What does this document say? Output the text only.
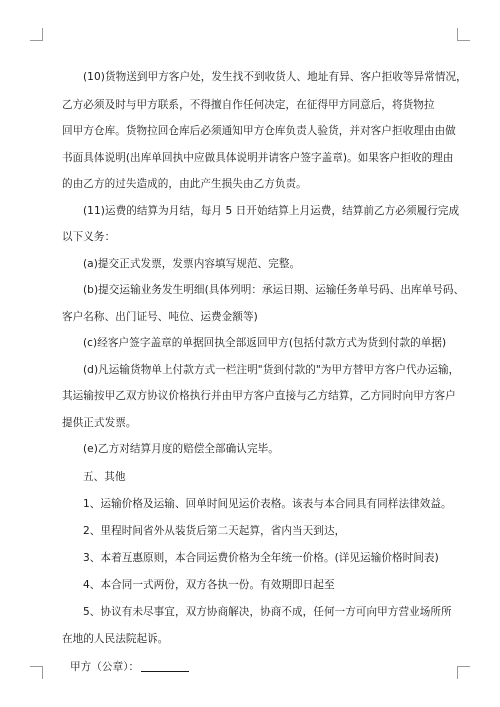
(10)货物送到甲方客户处，发生找不到收货人、地址有异、客户拒收等异常情况，
乙方必须及时与甲方联系，不得擅自作任何决定，在征得甲方同意后，将货物拉
回甲方仓库。货物拉回仓库后必须通知甲方仓库负责人验货，并对客户拒收理由由做
书面具体说明(出库单回执中应做具体说明并请客户签字盖章)。如果客户拒收的理由
的由乙方的过失造成的，由此产生损失由乙方负责。
(11)运费的结算为月结，每月 5 日开始结算上月运费，结算前乙方必须履行完成
以下义务：
(a)提交正式发票，发票内容填写规范、完整。
(b)提交运输业务发生明细(具体列明：承运日期、运输任务单号码、出库单号码、
客户名称、出门证号、吨位、运费金额等)
(c)经客户签字盖章的单据回执全部返回甲方(包括付款方式为货到付款的单据)
(d)凡运输货物单上付款方式一栏注明"货到付款的"为甲方替甲方客户代办运输，
其运输按甲乙双方协议价格执行并由甲方客户直接与乙方结算，乙方同时向甲方客户
提供正式发票。
(e)乙方对结算月度的赔偿全部确认完毕。
五、其他
1、运输价格及运输、回单时间见运价表格。该表与本合同具有同样法律效益。
2、里程时间省外从装货后第二天起算，省内当天到达，
3、本着互惠原则，本合同运费价格为全年统一价格。(详见运输价格时间表)
4、本合同一式两份，双方各执一份。有效期即日起至
5、协议有未尽事宜，双方协商解决，协商不成，任何一方可向甲方营业场所所
在地的人民法院起诉。
甲方（公章）：
